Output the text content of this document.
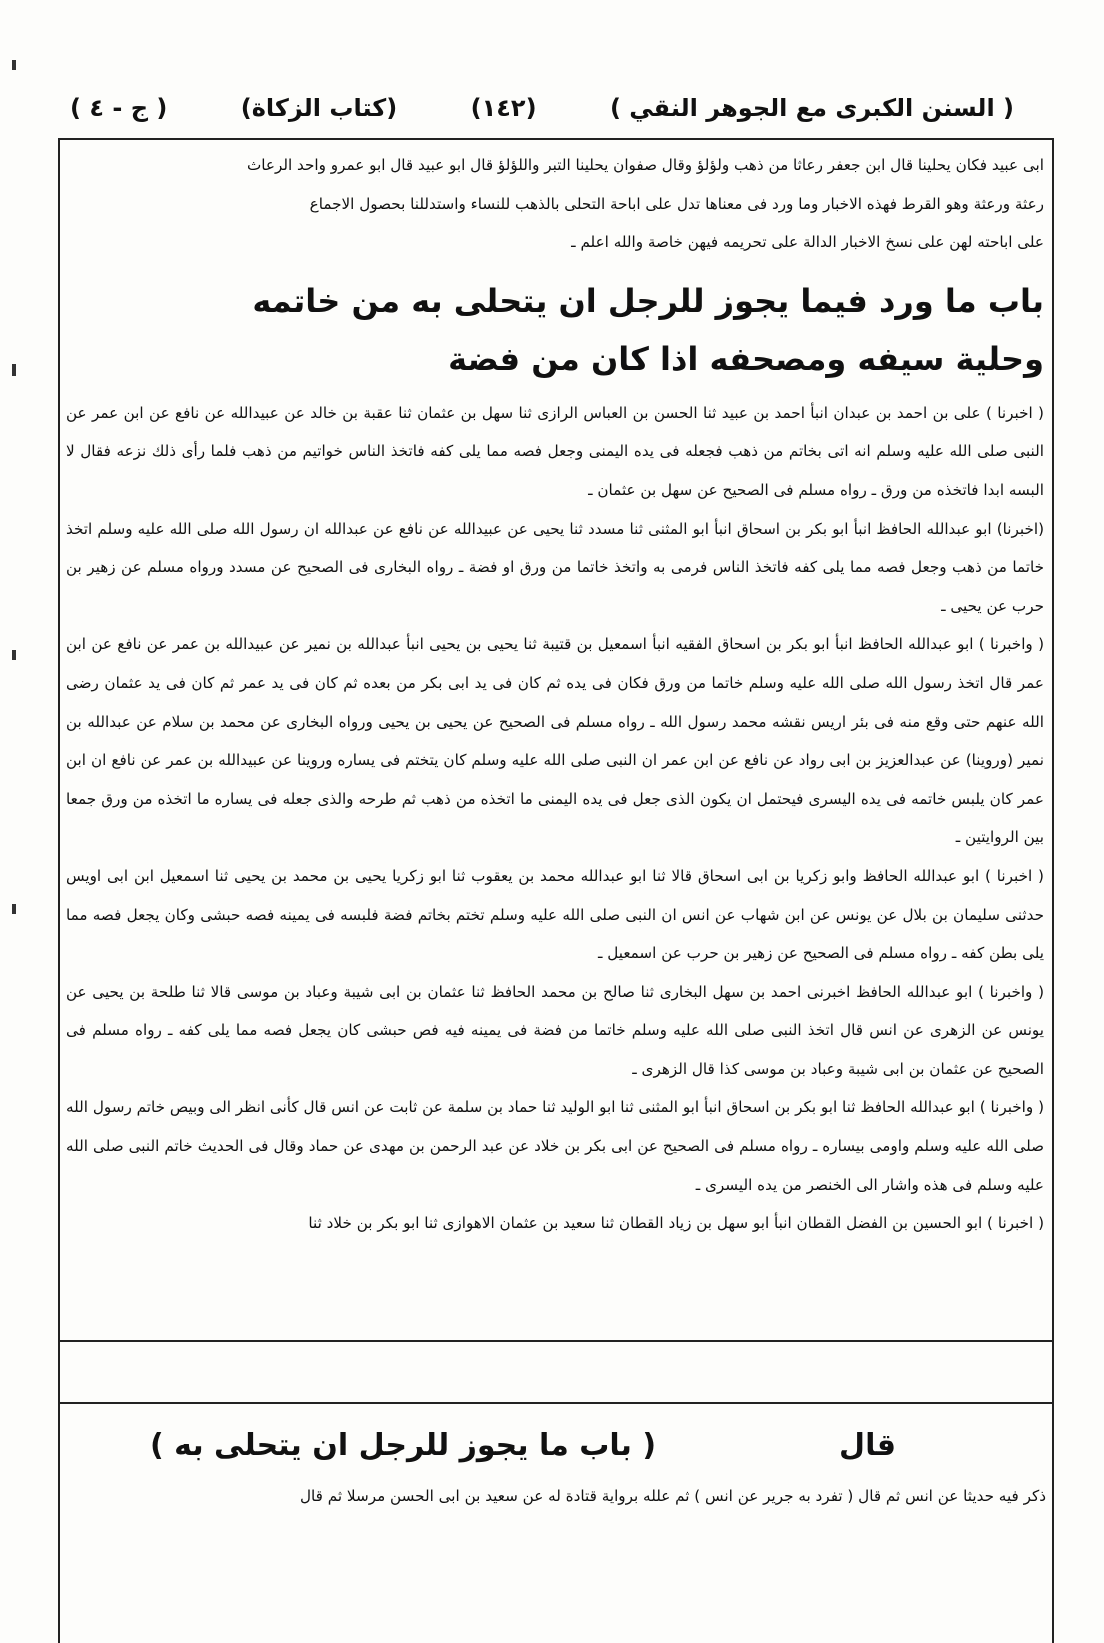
( السنن الكبرى مع الجوهر النقي )
(١٤٢)
(كتاب الزكاة)
( ج - ٤ )

ابى عبيد فكان يحلينا قال ابن جعفر رعاثا من ذهب ولؤلؤ وقال صفوان يحلينا التبر واللؤلؤ قال ابو عبيد قال ابو عمرو واحد الرعاث

رعثة ورعثة وهو القرط فهذه الاخبار وما ورد فى معناها تدل على اباحة التحلى بالذهب للنساء واستدللنا بحصول الاجماع

على اباحته لهن على نسخ الاخبار الدالة على تحريمه فيهن خاصة والله اعلم ـ

باب ما ورد فيما يجوز للرجل ان يتحلى به من خاتمه
وحلية سيفه ومصحفه اذا كان من فضة

( اخبرنا ) على بن احمد بن عبدان انبأ احمد بن عبيد ثنا الحسن بن العباس الرازى ثنا سهل بن عثمان ثنا عقبة بن خالد عن عبيدالله عن نافع عن ابن عمر عن النبى صلى الله عليه وسلم انه اتى بخاتم من ذهب فجعله فى يده اليمنى وجعل فصه مما يلى كفه فاتخذ الناس خواتيم من ذهب فلما رأى ذلك نزعه فقال لا البسه ابدا فاتخذه من ورق ـ رواه مسلم فى الصحيح عن سهل بن عثمان ـ

(اخبرنا) ابو عبدالله الحافظ انبأ ابو بكر بن اسحاق انبأ ابو المثنى ثنا مسدد ثنا يحيى عن عبيدالله عن نافع عن عبدالله ان رسول الله صلى الله عليه وسلم اتخذ خاتما من ذهب وجعل فصه مما يلى كفه فاتخذ الناس فرمى به واتخذ خاتما من ورق او فضة ـ رواه البخارى فى الصحيح عن مسدد ورواه مسلم عن زهير بن حرب عن يحيى ـ

( واخبرنا ) ابو عبدالله الحافظ انبأ ابو بكر بن اسحاق الفقيه انبأ اسمعيل بن قتيبة ثنا يحيى بن يحيى انبأ عبدالله بن نمير عن عبيدالله بن عمر عن نافع عن ابن عمر قال اتخذ رسول الله صلى الله عليه وسلم خاتما من ورق فكان فى يده ثم كان فى يد ابى بكر من بعده ثم كان فى يد عمر ثم كان فى يد عثمان رضى الله عنهم حتى وقع منه فى بئر اريس نقشه محمد رسول الله ـ رواه مسلم فى الصحيح عن يحيى بن يحيى ورواه البخارى عن محمد بن سلام عن عبدالله بن نمير (وروينا) عن عبدالعزيز بن ابى رواد عن نافع عن ابن عمر ان النبى صلى الله عليه وسلم كان يتختم فى يساره وروينا عن عبيدالله بن عمر عن نافع ان ابن عمر كان يلبس خاتمه فى يده اليسرى فيحتمل ان يكون الذى جعل فى يده اليمنى ما اتخذه من ذهب ثم طرحه والذى جعله فى يساره ما اتخذه من ورق جمعا بين الروايتين ـ

( اخبرنا ) ابو عبدالله الحافظ وابو زكريا بن ابى اسحاق قالا ثنا ابو عبدالله محمد بن يعقوب ثنا ابو زكريا يحيى بن محمد بن يحيى ثنا اسمعيل ابن ابى اويس حدثنى سليمان بن بلال عن يونس عن ابن شهاب عن انس ان النبى صلى الله عليه وسلم تختم بخاتم فضة فلبسه فى يمينه فصه حبشى وكان يجعل فصه مما يلى بطن كفه ـ رواه مسلم فى الصحيح عن زهير بن حرب عن اسمعيل ـ

( واخبرنا ) ابو عبدالله الحافظ اخبرنى احمد بن سهل البخارى ثنا صالح بن محمد الحافظ ثنا عثمان بن ابى شيبة وعباد بن موسى قالا ثنا طلحة بن يحيى عن يونس عن الزهرى عن انس قال اتخذ النبى صلى الله عليه وسلم خاتما من فضة فى يمينه فيه فص حبشى كان يجعل فصه مما يلى كفه ـ رواه مسلم فى الصحيح عن عثمان بن ابى شيبة وعباد بن موسى كذا قال الزهرى ـ

( واخبرنا ) ابو عبدالله الحافظ ثنا ابو بكر بن اسحاق انبأ ابو المثنى ثنا ابو الوليد ثنا حماد بن سلمة عن ثابت عن انس قال كأنى انظر الى وبيص خاتم رسول الله صلى الله عليه وسلم واومى بيساره ـ رواه مسلم فى الصحيح عن ابى بكر بن خلاد عن عبد الرحمن بن مهدى عن حماد وقال فى الحديث خاتم النبى صلى الله عليه وسلم فى هذه واشار الى الخنصر من يده اليسرى ـ

( اخبرنا ) ابو الحسين بن الفضل القطان انبأ ابو سهل بن زياد القطان ثنا سعيد بن عثمان الاهوازى ثنا ابو بكر بن خلاد ثنا

قال
( باب ما يجوز للرجل ان يتحلى به )
ذكر فيه حديثا عن انس ثم قال ( تفرد به جرير عن انس ) ثم علله برواية قتادة له عن سعيد بن ابى الحسن مرسلا ثم قال
